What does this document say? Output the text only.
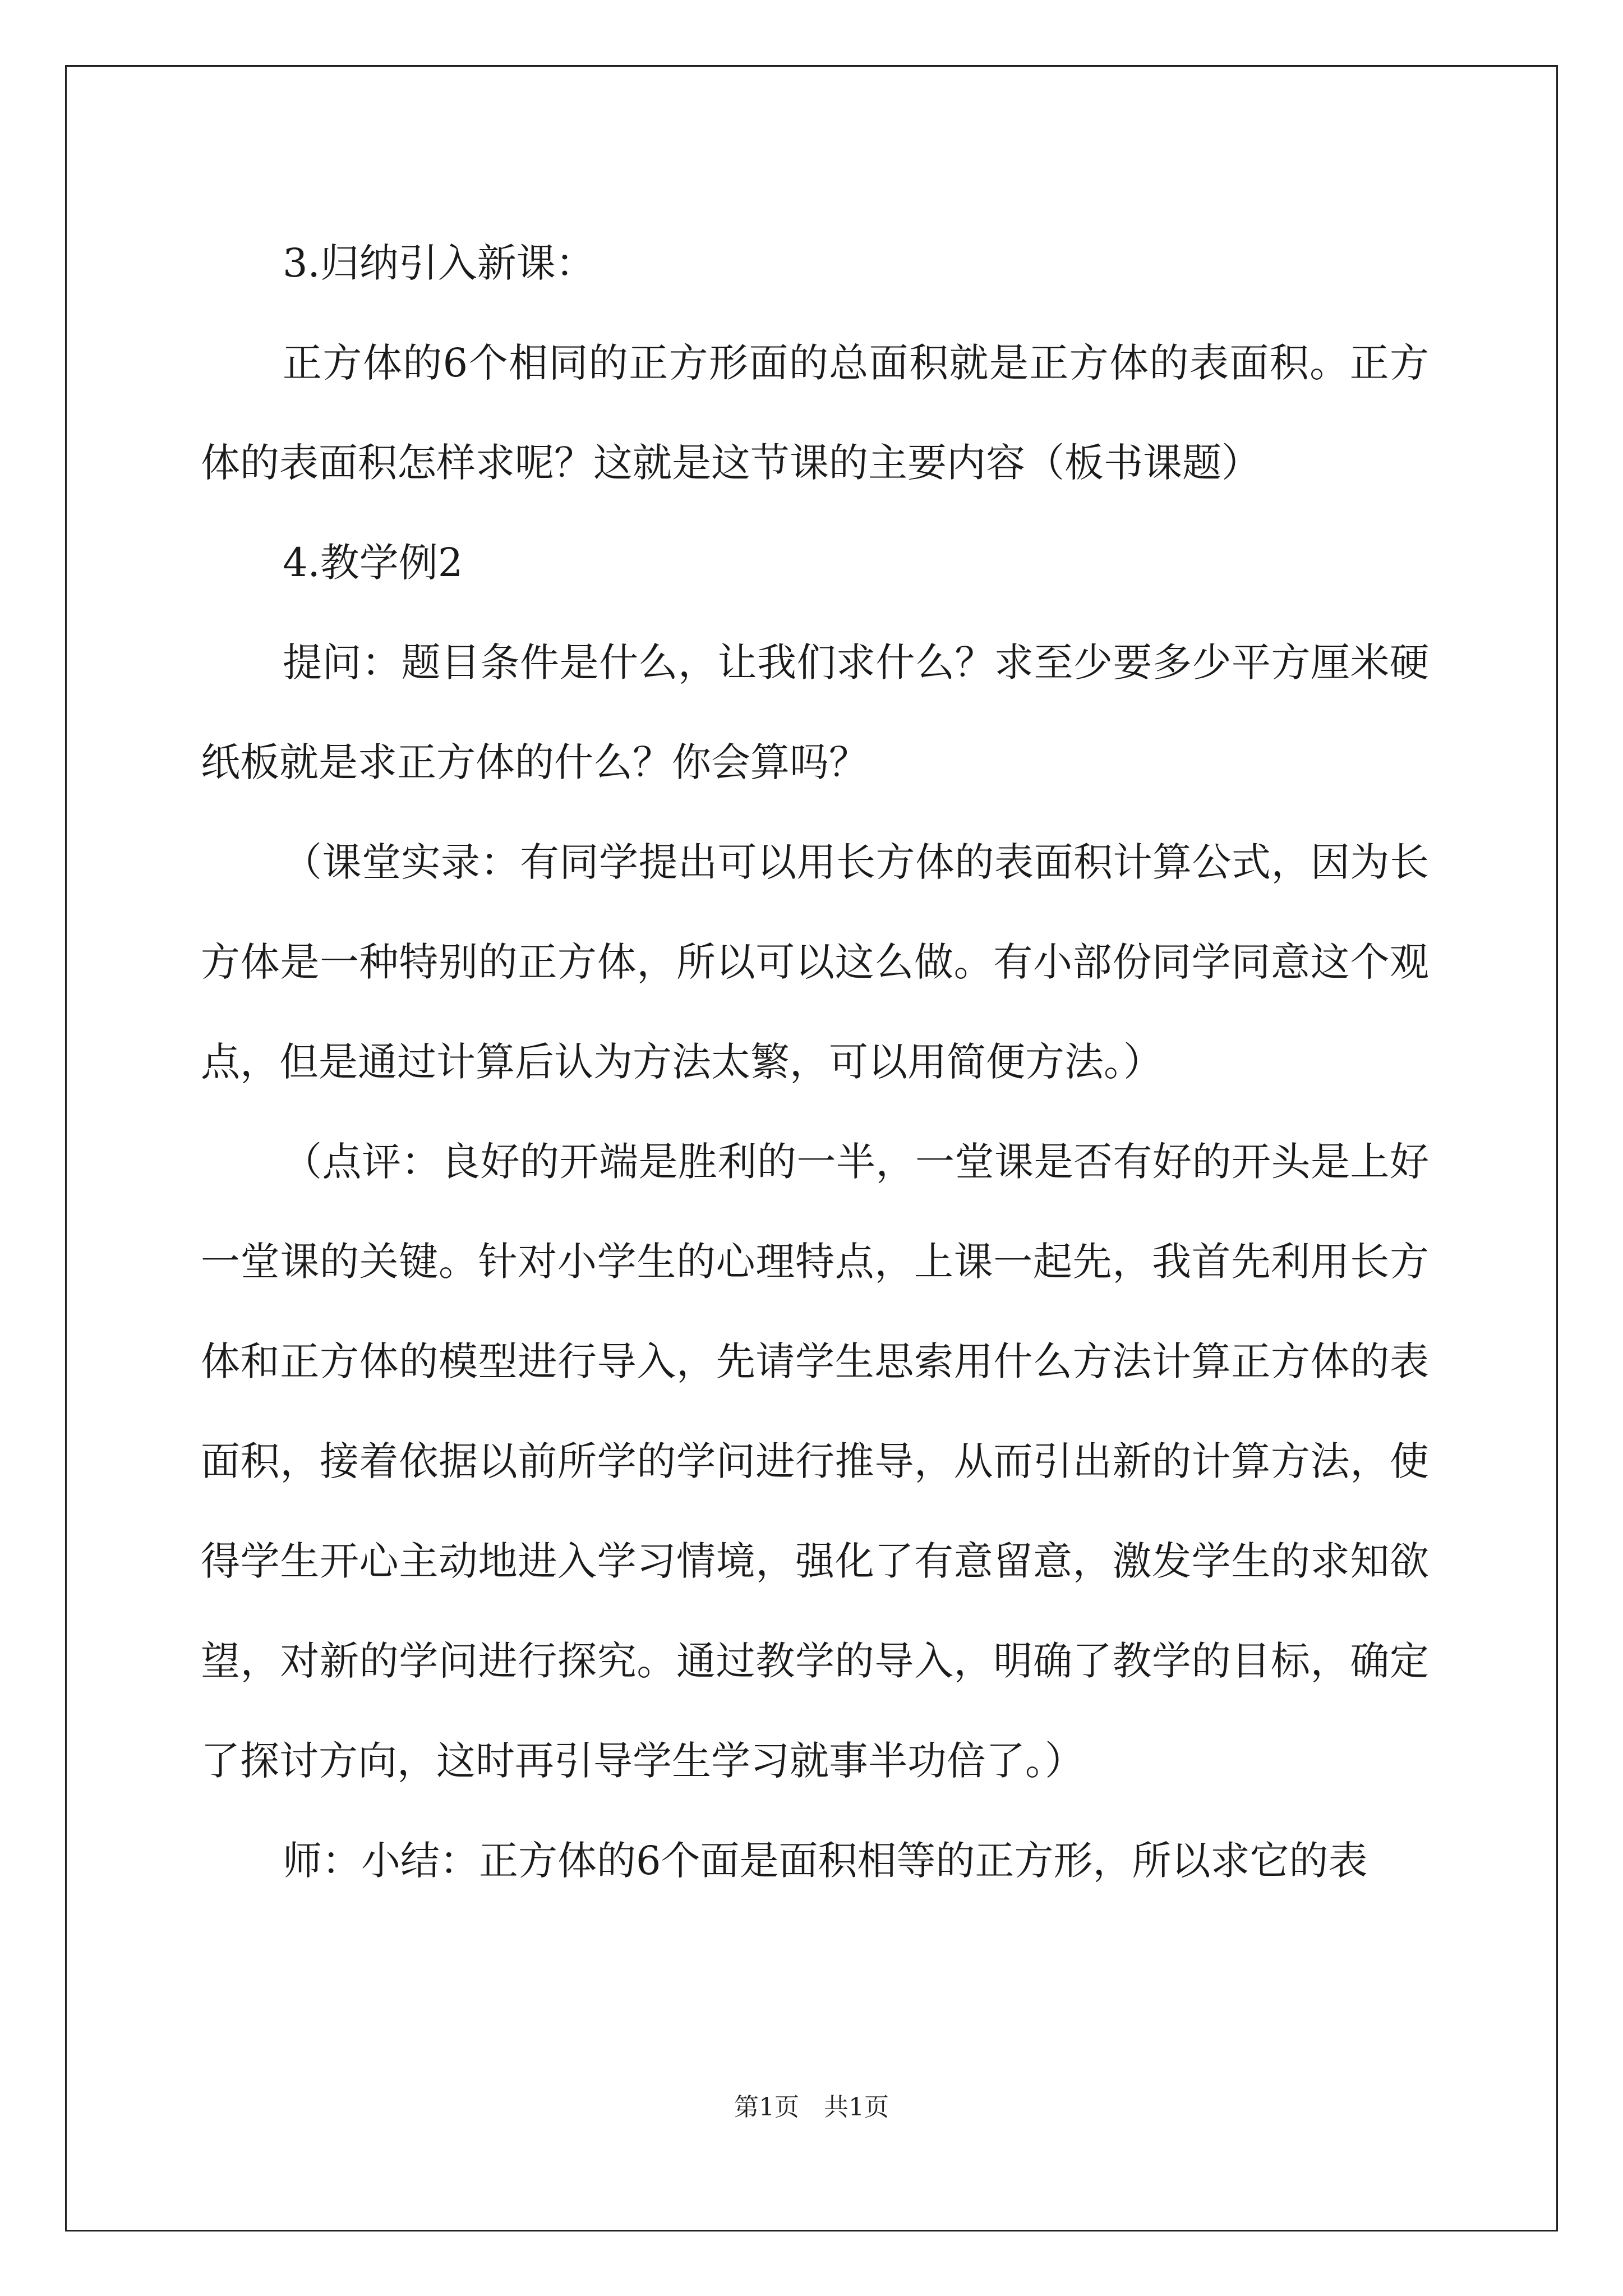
3.归纳引入新课：

正方体的6个相同的正方形面的总面积就是正方体的表面积。正方体的表面积怎样求呢？这就是这节课的主要内容（板书课题）

4.教学例2

提问：题目条件是什么，让我们求什么？求至少要多少平方厘米硬纸板就是求正方体的什么？你会算吗？

（课堂实录：有同学提出可以用长方体的表面积计算公式，因为长方体是一种特别的正方体，所以可以这么做。有小部份同学同意这个观点，但是通过计算后认为方法太繁，可以用简便方法。）

（点评：良好的开端是胜利的一半，一堂课是否有好的开头是上好一堂课的关键。针对小学生的心理特点，上课一起先，我首先利用长方体和正方体的模型进行导入，先请学生思索用什么方法计算正方体的表面积，接着依据以前所学的学问进行推导，从而引出新的计算方法，使得学生开心主动地进入学习情境，强化了有意留意，激发学生的求知欲望，对新的学问进行探究。通过教学的导入，明确了教学的目标，确定了探讨方向，这时再引导学生学习就事半功倍了。）

师：小结：正方体的6个面是面积相等的正方形，所以求它的表

第1页　共1页
